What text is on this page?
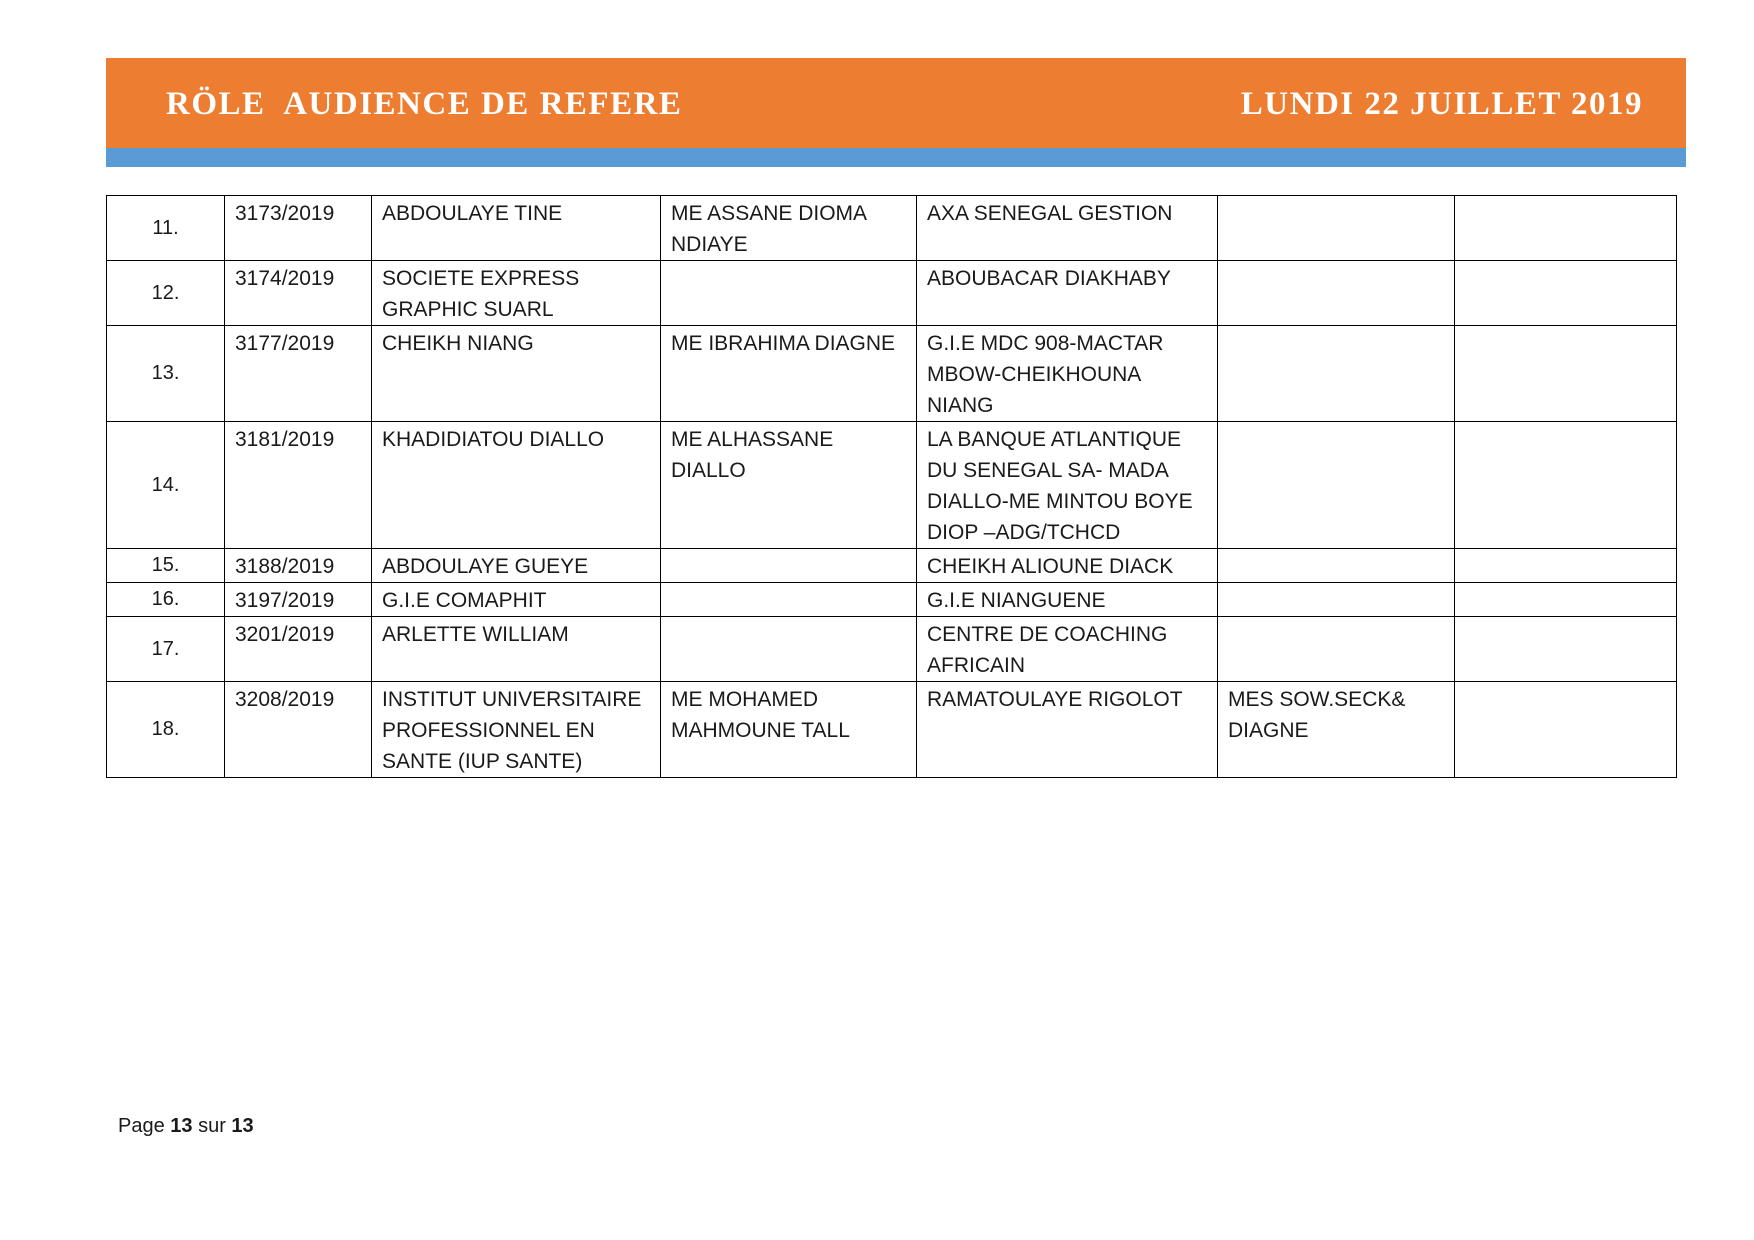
RÖLE  AUDIENCE DE REFERE	LUNDI 22 JUILLET 2019
11.	3173/2019	ABDOULAYE TINE	ME ASSANE DIOMA NDIAYE	AXA SENEGAL GESTION		
12.	3174/2019	SOCIETE EXPRESS GRAPHIC SUARL		ABOUBACAR DIAKHABY		
13.	3177/2019	CHEIKH NIANG	ME IBRAHIMA DIAGNE	G.I.E MDC 908-MACTAR MBOW-CHEIKHOUNA NIANG		
14.	3181/2019	KHADIDIATOU DIALLO	ME ALHASSANE DIALLO	LA BANQUE ATLANTIQUE DU SENEGAL SA- MADA DIALLO-ME MINTOU BOYE DIOP –ADG/TCHCD		
15.	3188/2019	ABDOULAYE GUEYE		CHEIKH ALIOUNE DIACK		
16.	3197/2019	G.I.E COMAPHIT		G.I.E NIANGUENE		
17.	3201/2019	ARLETTE WILLIAM		CENTRE DE COACHING AFRICAIN		
18.	3208/2019	INSTITUT UNIVERSITAIRE PROFESSIONNEL EN SANTE (IUP SANTE)	ME MOHAMED MAHMOUNE TALL	RAMATOULAYE RIGOLOT	MES SOW.SECK& DIAGNE	
Page 13 sur 13
